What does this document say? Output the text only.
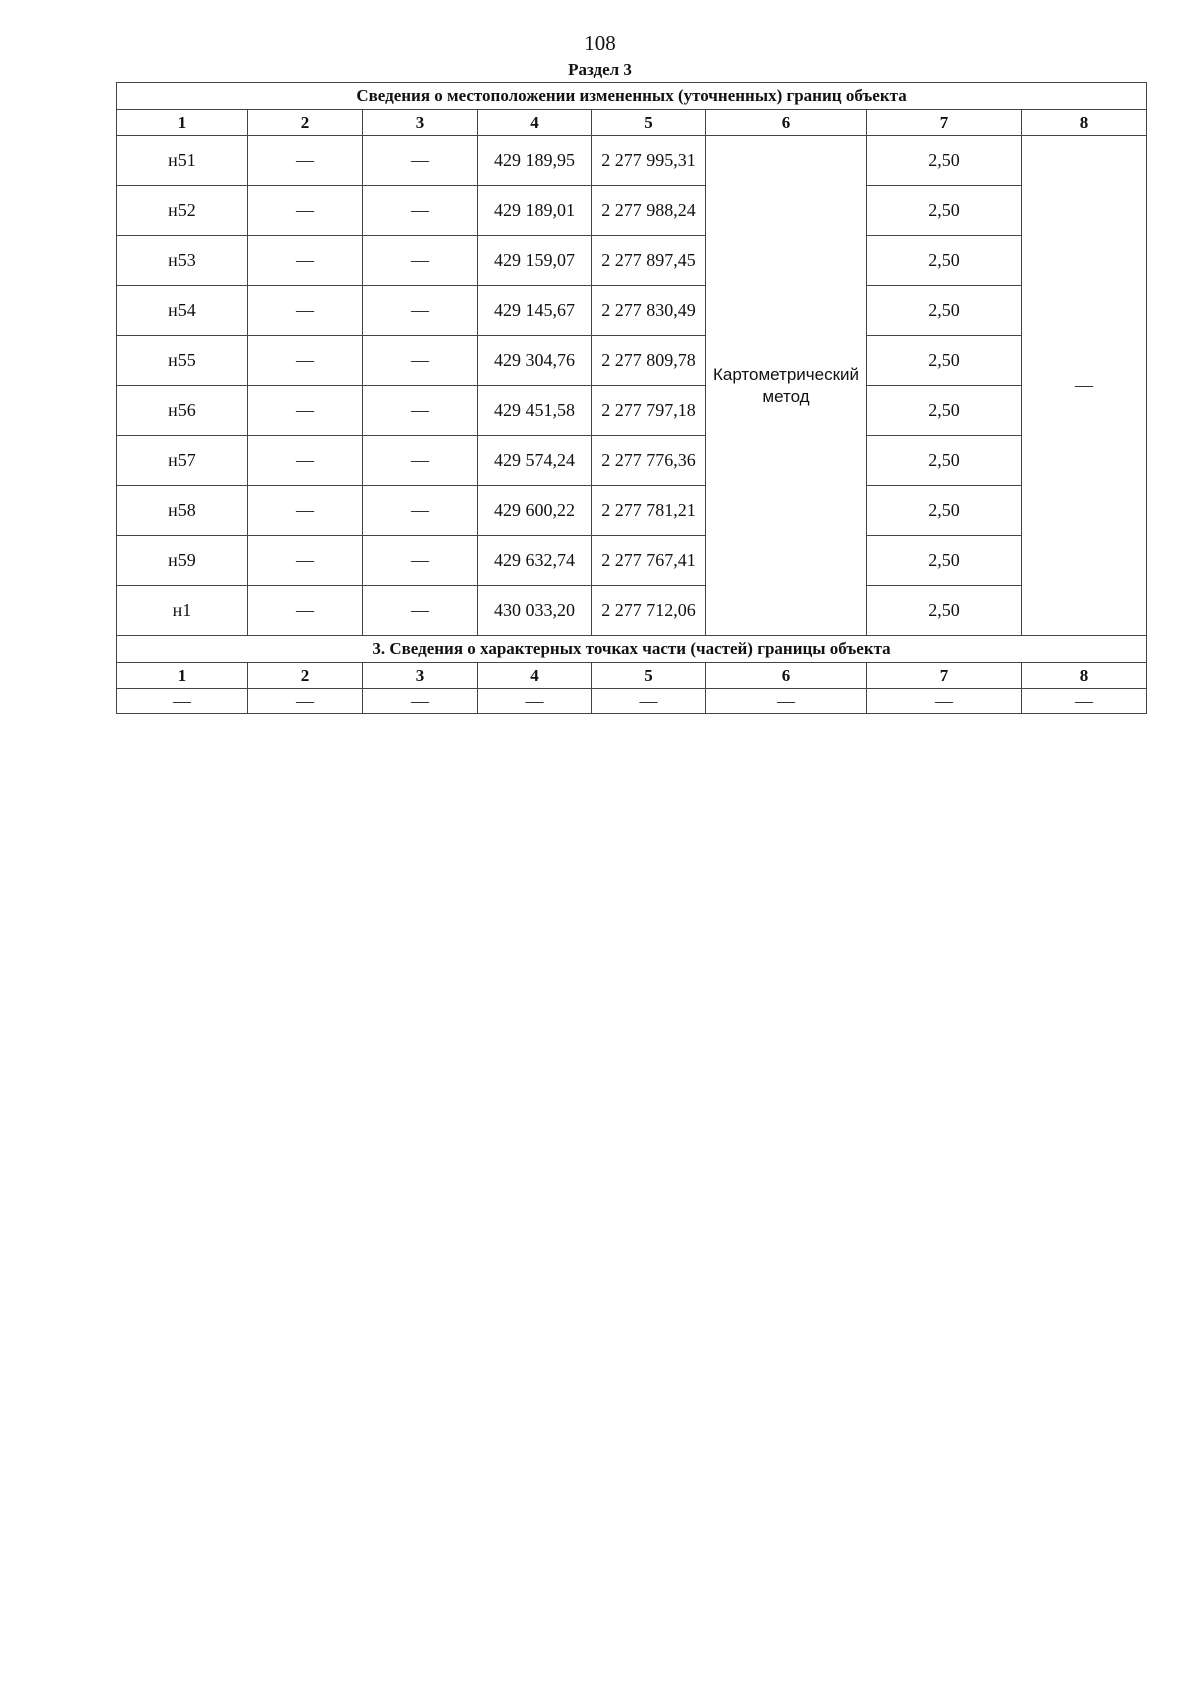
108
Раздел 3
Сведения о местоположении измененных (уточненных) границ объекта							
1	2	3	4	5	6	7	8
н51	—	—	429 189,95	2 277 995,31	Картометрический метод	2,50	—
н52	—	—	429 189,01	2 277 988,24		2,50	
н53	—	—	429 159,07	2 277 897,45		2,50	
н54	—	—	429 145,67	2 277 830,49		2,50	
н55	—	—	429 304,76	2 277 809,78		2,50	
н56	—	—	429 451,58	2 277 797,18		2,50	
н57	—	—	429 574,24	2 277 776,36		2,50	
н58	—	—	429 600,22	2 277 781,21		2,50	
н59	—	—	429 632,74	2 277 767,41		2,50	
н1	—	—	430 033,20	2 277 712,06		2,50	
3. Сведения о характерных точках части (частей) границы объекта							
1	2	3	4	5	6	7	8
—	—	—	—	—	—	—	—
